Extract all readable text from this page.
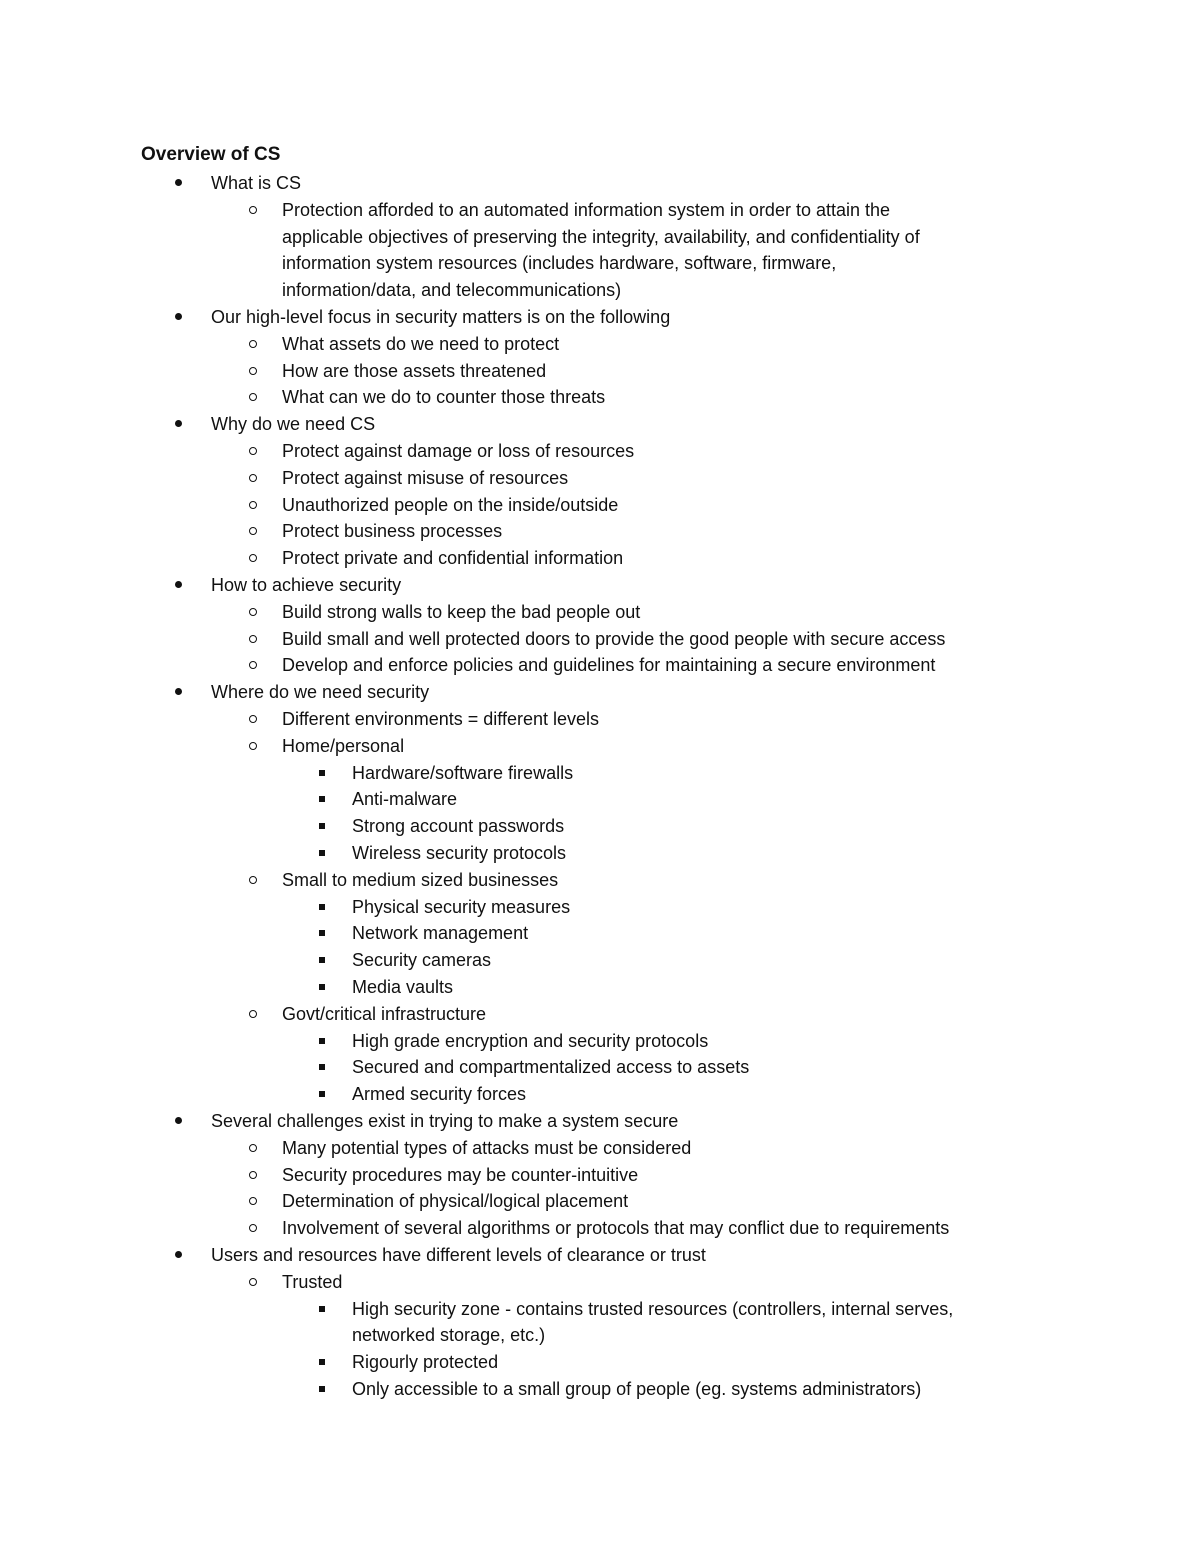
Overview of CS
What is CS
Protection afforded to an automated information system in order to attain the
applicable objectives of preserving the integrity, availability, and confidentiality of
information system resources (includes hardware, software, firmware,
information/data, and telecommunications)
Our high-level focus in security matters is on the following
What assets do we need to protect
How are those assets threatened
What can we do to counter those threats
Why do we need CS
Protect against damage or loss of resources
Protect against misuse of resources
Unauthorized people on the inside/outside
Protect business processes
Protect private and confidential information
How to achieve security
Build strong walls to keep the bad people out
Build small and well protected doors to provide the good people with secure access
Develop and enforce policies and guidelines for maintaining a secure environment
Where do we need security
Different environments = different levels
Home/personal
Hardware/software firewalls
Anti-malware
Strong account passwords
Wireless security protocols
Small to medium sized businesses
Physical security measures
Network management
Security cameras
Media vaults
Govt/critical infrastructure
High grade encryption and security protocols
Secured and compartmentalized access to assets
Armed security forces
Several challenges exist in trying to make a system secure
Many potential types of attacks must be considered
Security procedures may be counter-intuitive
Determination of physical/logical placement
Involvement of several algorithms or protocols that may conflict due to requirements
Users and resources have different levels of clearance or trust
Trusted
High security zone - contains trusted resources (controllers, internal serves,
networked storage, etc.)
Rigourly protected
Only accessible to a small group of people (eg. systems administrators)
